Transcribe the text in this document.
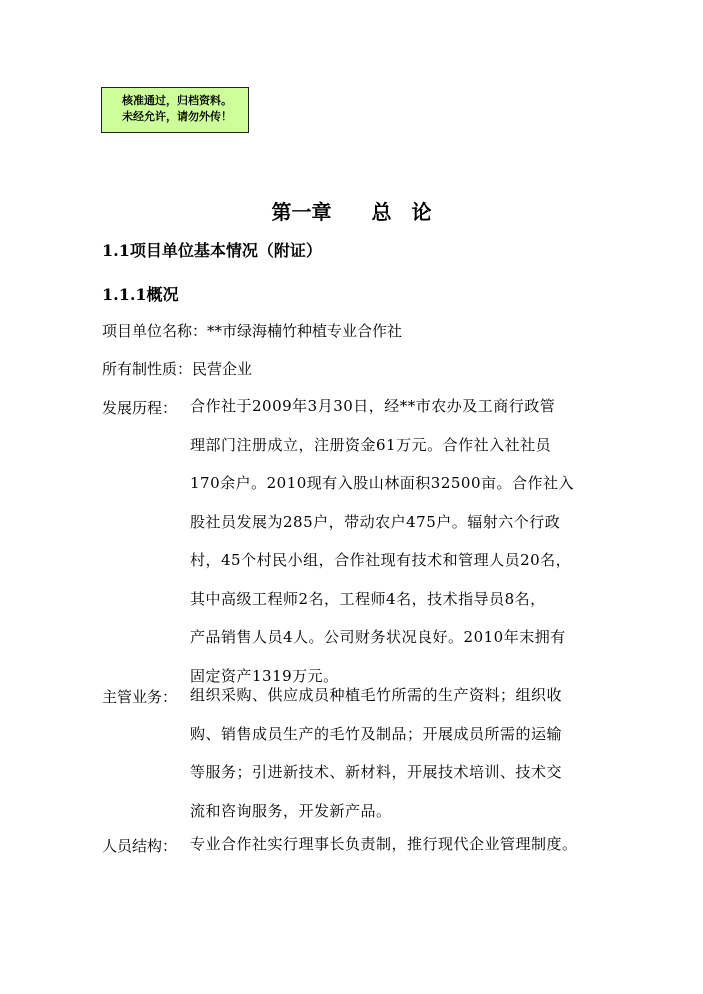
核准通过，归档资料。
未经允许，请勿外传！
第一章 总　论
1.1项目单位基本情况（附证）
1.1.1概况
项目单位名称：**市绿海楠竹种植专业合作社
所有制性质：民营企业
发展历程： 合作社于2009年3月30日，经**市农办及工商行政管
理部门注册成立，注册资金61万元。合作社入社社员
170余户。2010现有入股山林面积32500亩。合作社入
股社员发展为285户，带动农户475户。辐射六个行政
村，45个村民小组，合作社现有技术和管理人员20名，
其中高级工程师2名，工程师4名，技术指导员8名，
产品销售人员4人。公司财务状况良好。2010年末拥有
固定资产1319万元。
主管业务： 组织采购、供应成员种植毛竹所需的生产资料；组织收
购、销售成员生产的毛竹及制品；开展成员所需的运输
等服务；引进新技术、新材料，开展技术培训、技术交
流和咨询服务，开发新产品。
人员结构： 专业合作社实行理事长负责制，推行现代企业管理制度。
